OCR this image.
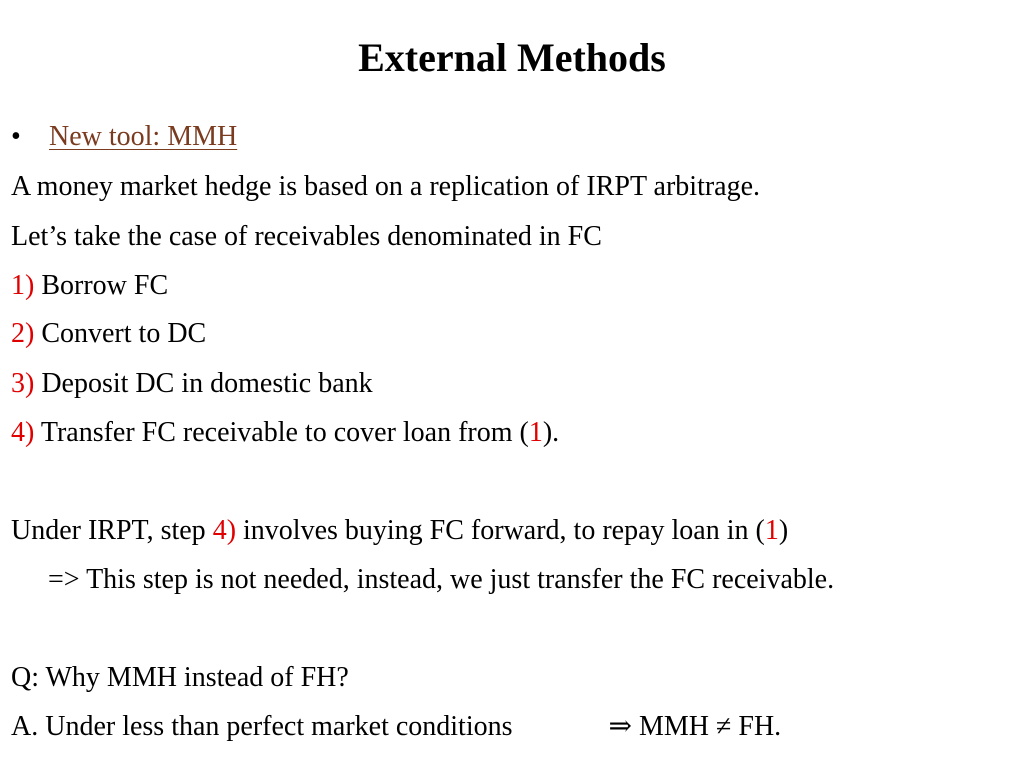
External Methods
• New tool: MMH
A money market hedge is based on a replication of IRPT arbitrage.
Let’s take the case of receivables denominated in FC
1) Borrow FC
2) Convert to DC
3) Deposit DC in domestic bank
4) Transfer FC receivable to cover loan from (1).
Under IRPT, step 4) involves buying FC forward, to repay loan in (1)
=> This step is not needed, instead, we just transfer the FC receivable.
Q: Why MMH instead of FH?
A. Under less than perfect market conditions	⇒ MMH ≠ FH.
